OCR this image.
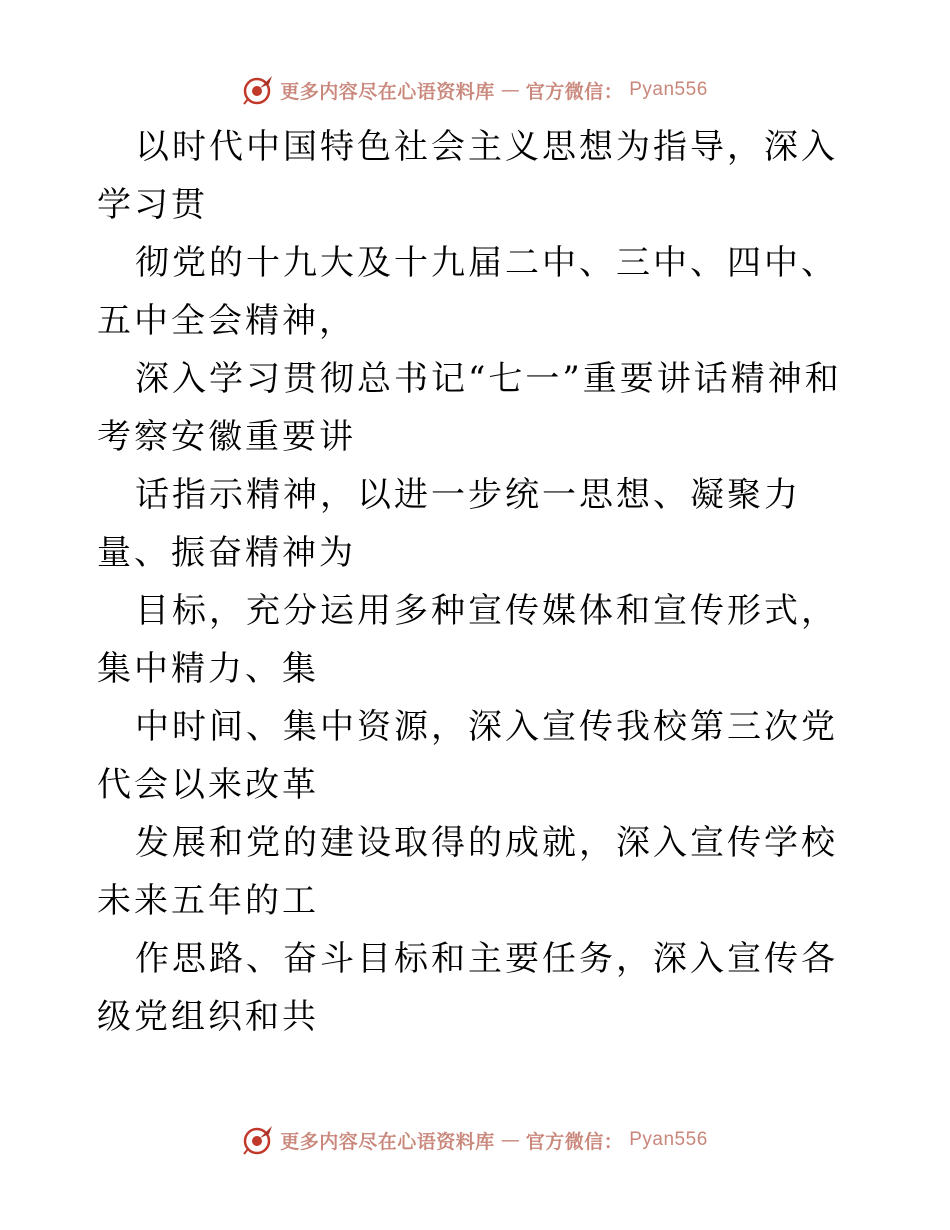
更多内容尽在心语资料库 — 官方微信： Pyan556

以时代中国特色社会主义思想为指导，深入学习贯

彻党的十九大及十九届二中、三中、四中、五中全会精神，

深入学习贯彻总书记“七一”重要讲话精神和考察安徽重要讲

话指示精神，以进一步统一思想、凝聚力量、振奋精神为

目标，充分运用多种宣传媒体和宣传形式，集中精力、集

中时间、集中资源，深入宣传我校第三次党代会以来改革

发展和党的建设取得的成就，深入宣传学校未来五年的工

作思路、奋斗目标和主要任务，深入宣传各级党组织和共

更多内容尽在心语资料库 — 官方微信： Pyan556
